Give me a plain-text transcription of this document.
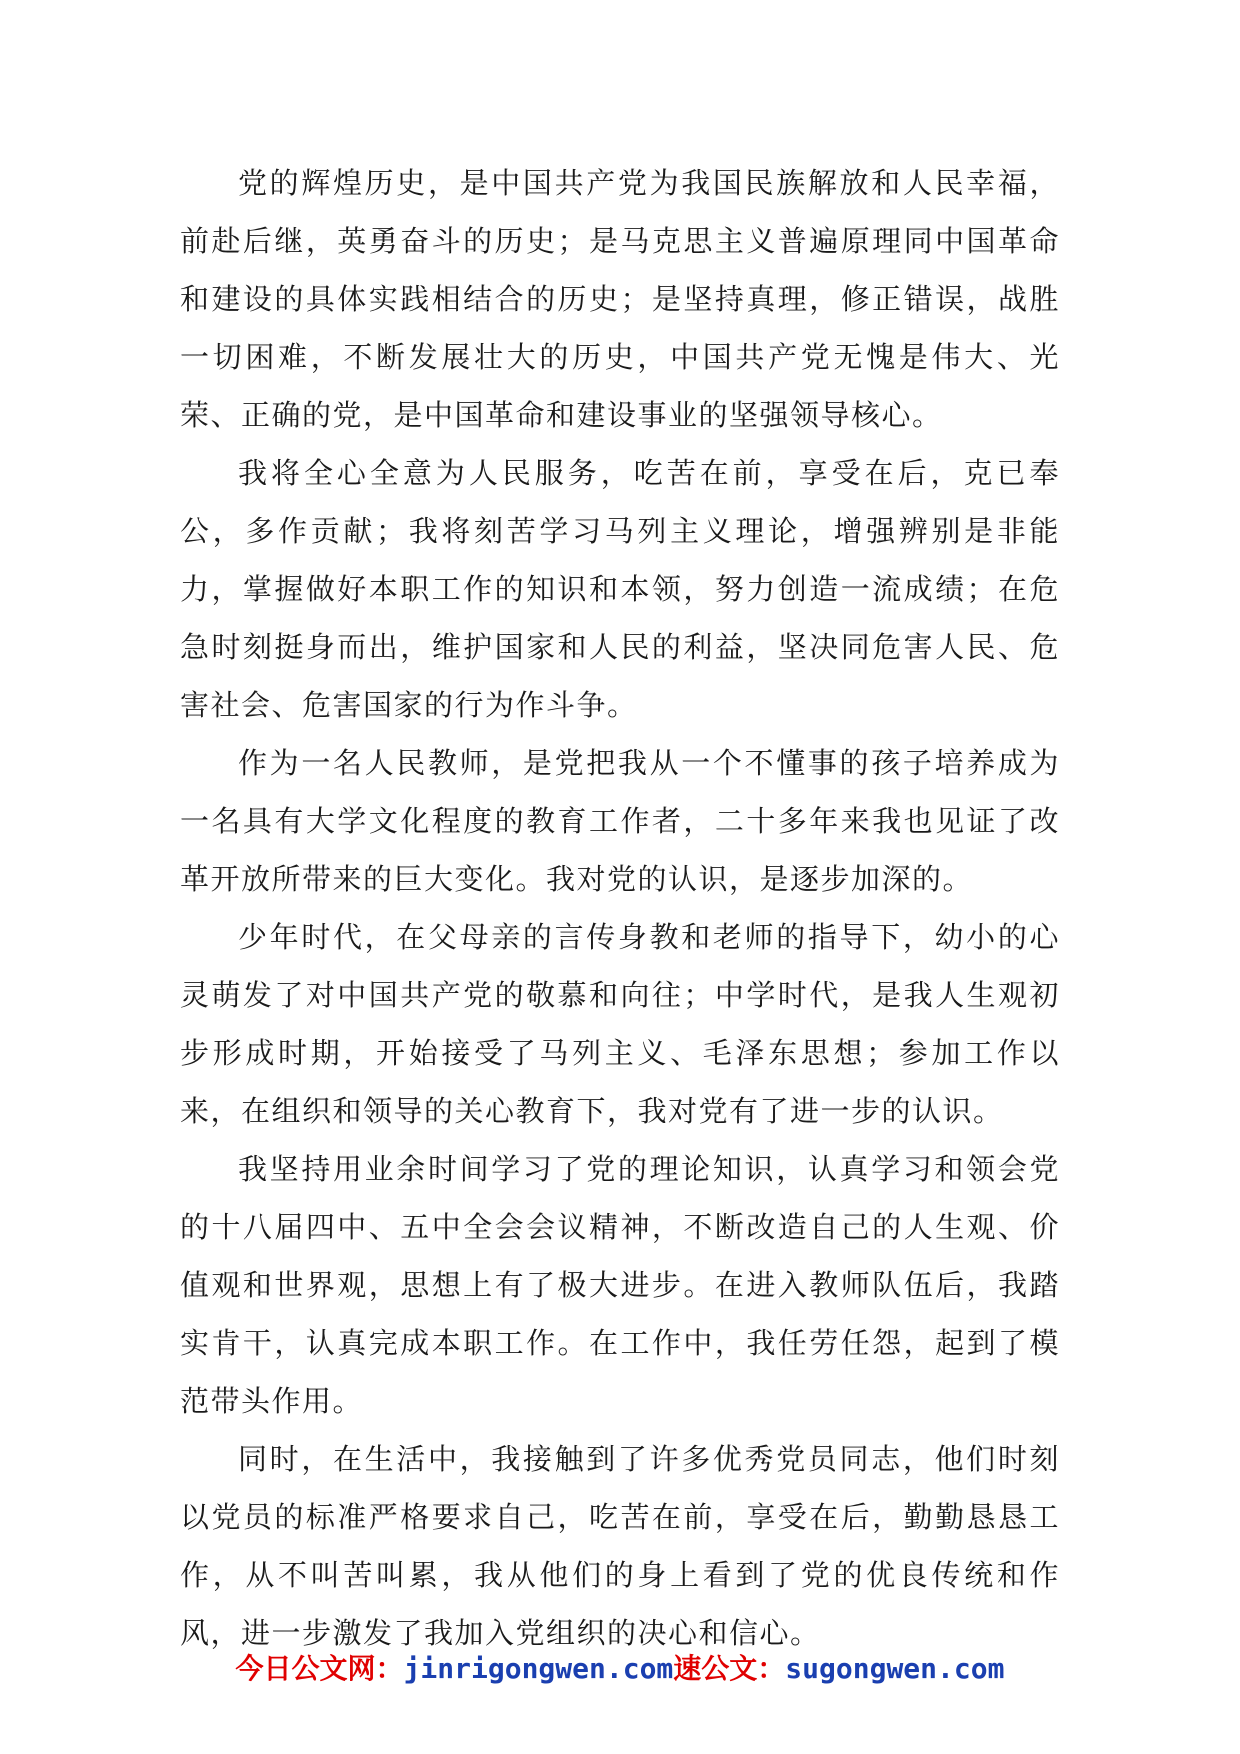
党的辉煌历史，是中国共产党为我国民族解放和人民幸福，前赴后继，英勇奋斗的历史；是马克思主义普遍原理同中国革命和建设的具体实践相结合的历史；是坚持真理，修正错误，战胜一切困难，不断发展壮大的历史，中国共产党无愧是伟大、光荣、正确的党，是中国革命和建设事业的坚强领导核心。

我将全心全意为人民服务，吃苦在前，享受在后，克已奉公，多作贡献；我将刻苦学习马列主义理论，增强辨别是非能力，掌握做好本职工作的知识和本领，努力创造一流成绩；在危急时刻挺身而出，维护国家和人民的利益，坚决同危害人民、危害社会、危害国家的行为作斗争。

作为一名人民教师，是党把我从一个不懂事的孩子培养成为一名具有大学文化程度的教育工作者，二十多年来我也见证了改革开放所带来的巨大变化。我对党的认识，是逐步加深的。

少年时代，在父母亲的言传身教和老师的指导下，幼小的心灵萌发了对中国共产党的敬慕和向往；中学时代，是我人生观初步形成时期，开始接受了马列主义、毛泽东思想；参加工作以来，在组织和领导的关心教育下，我对党有了进一步的认识。

我坚持用业余时间学习了党的理论知识，认真学习和领会党的十八届四中、五中全会会议精神，不断改造自己的人生观、价值观和世界观，思想上有了极大进步。在进入教师队伍后，我踏实肯干，认真完成本职工作。在工作中，我任劳任怨，起到了模范带头作用。

同时，在生活中，我接触到了许多优秀党员同志，他们时刻以党员的标准严格要求自己，吃苦在前，享受在后，勤勤恳恳工作，从不叫苦叫累，我从他们的身上看到了党的优良传统和作风，进一步激发了我加入党组织的决心和信心。

今日公文网：jinrigongwen.com速公文：sugongwen.com
